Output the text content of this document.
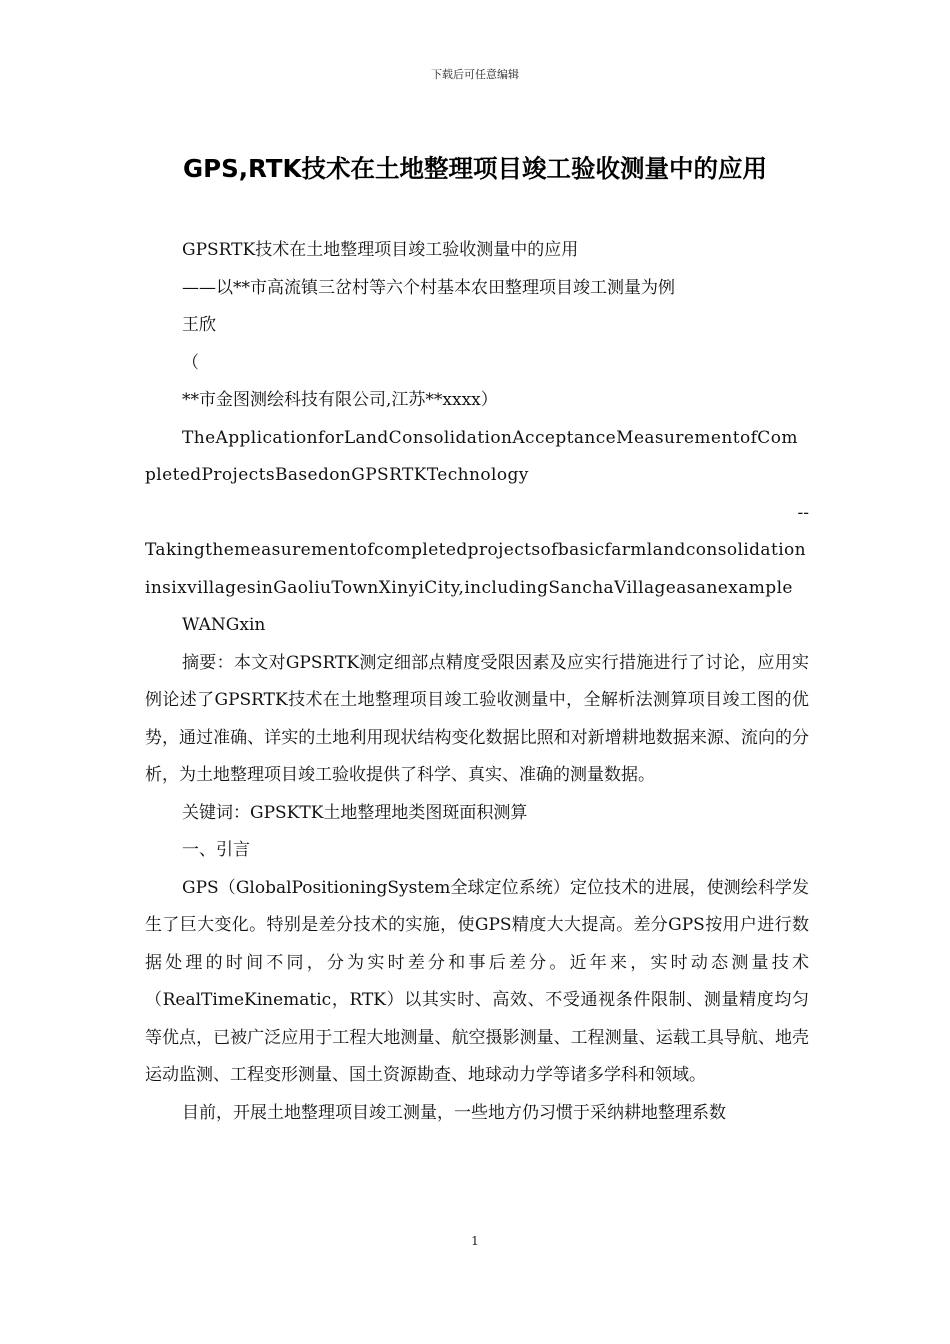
下载后可任意编辑
GPS,RTK技术在土地整理项目竣工验收测量中的应用

GPSRTK技术在土地整理项目竣工验收测量中的应用

——以**市高流镇三岔村等六个村基本农田整理项目竣工测量为例

王欣

（

**市金图测绘科技有限公司,江苏**xxxx）

TheApplicationforLandConsolidationAcceptanceMeasurementofCompletedProjectsBasedonGPSRTKTechnology

--

TakingthemeasurementofcompletedprojectsofbasicfarmlandconsolidationinsixvillagesinGaoliuTownXinyiCity,includingSanchaVillageasanexample

WANGxin

摘要：本文对GPSRTK测定细部点精度受限因素及应实行措施进行了讨论，应用实例论述了GPSRTK技术在土地整理项目竣工验收测量中，全解析法测算项目竣工图的优势，通过准确、详实的土地利用现状结构变化数据比照和对新增耕地数据来源、流向的分析，为土地整理项目竣工验收提供了科学、真实、准确的测量数据。

关键词：GPSKTK土地整理地类图斑面积测算

一、引言

GPS（GlobalPositioningSystem全球定位系统）定位技术的进展，使测绘科学发生了巨大变化。特别是差分技术的实施，使GPS精度大大提高。差分GPS按用户进行数据处理的时间不同，分为实时差分和事后差分。近年来，实时动态测量技术（RealTimeKinematic，RTK）以其实时、高效、不受通视条件限制、测量精度均匀等优点，已被广泛应用于工程大地测量、航空摄影测量、工程测量、运载工具导航、地壳运动监测、工程变形测量、国土资源勘查、地球动力学等诸多学科和领域。

目前，开展土地整理项目竣工测量，一些地方仍习惯于采纳耕地整理系数

1
